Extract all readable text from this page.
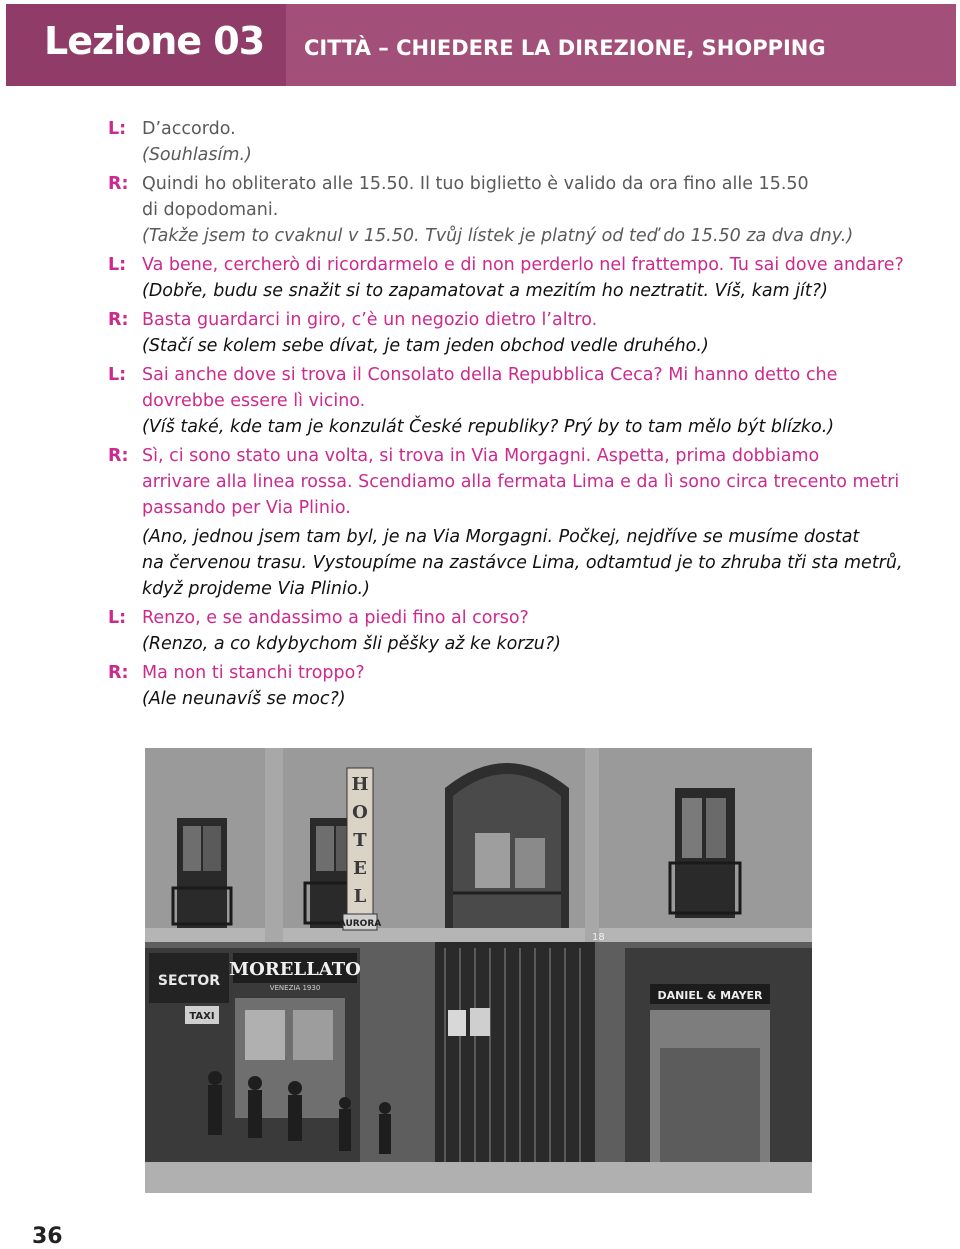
Lezione 03 CITTÀ – CHIEDERE LA DIREZIONE, SHOPPING
L: D’accordo.
(Souhlasím.)
R: Quindi ho obliterato alle 15.50. Il tuo biglietto è valido da ora fino alle 15.50
di dopodomani.
(Takže jsem to cvaknul v 15.50. Tvůj lístek je platný od teď do 15.50 za dva dny.)
L: Va bene, cercherò di ricordarmelo e di non perderlo nel frattempo. Tu sai dove andare?
(Dobře, budu se snažit si to zapamatovat a mezitím ho neztratit. Víš, kam jít?)
R: Basta guardarci in giro, c’è un negozio dietro l’altro.
(Stačí se kolem sebe dívat, je tam jeden obchod vedle druhého.)
L: Sai anche dove si trova il Consolato della Repubblica Ceca? Mi hanno detto che
dovrebbe essere lì vicino.
(Víš také, kde tam je konzulát České republiky? Prý by to tam mělo být blízko.)
R: Sì, ci sono stato una volta, si trova in Via Morgagni. Aspetta, prima dobbiamo
arrivare alla linea rossa. Scendiamo alla fermata Lima e da lì sono circa trecento metri
passando per Via Plinio.
(Ano, jednou jsem tam byl, je na Via Morgagni. Počkej, nejdříve se musíme dostat
na červenou trasu. Vystoupíme na zastávce Lima, odtamtud je to zhruba tři sta metrů,
když projdeme Via Plinio.)
L: Renzo, e se andassimo a piedi fino al corso?
(Renzo, a co kdybychom šli pěšky až ke korzu?)
R: Ma non ti stanchi troppo?
(Ale neunavíš se moc?)
H
O
T
E
L
AURORA
SECTOR
MORELLATO
VENEZIA 1930
TAXI
18
DANIEL & MAYER
36
